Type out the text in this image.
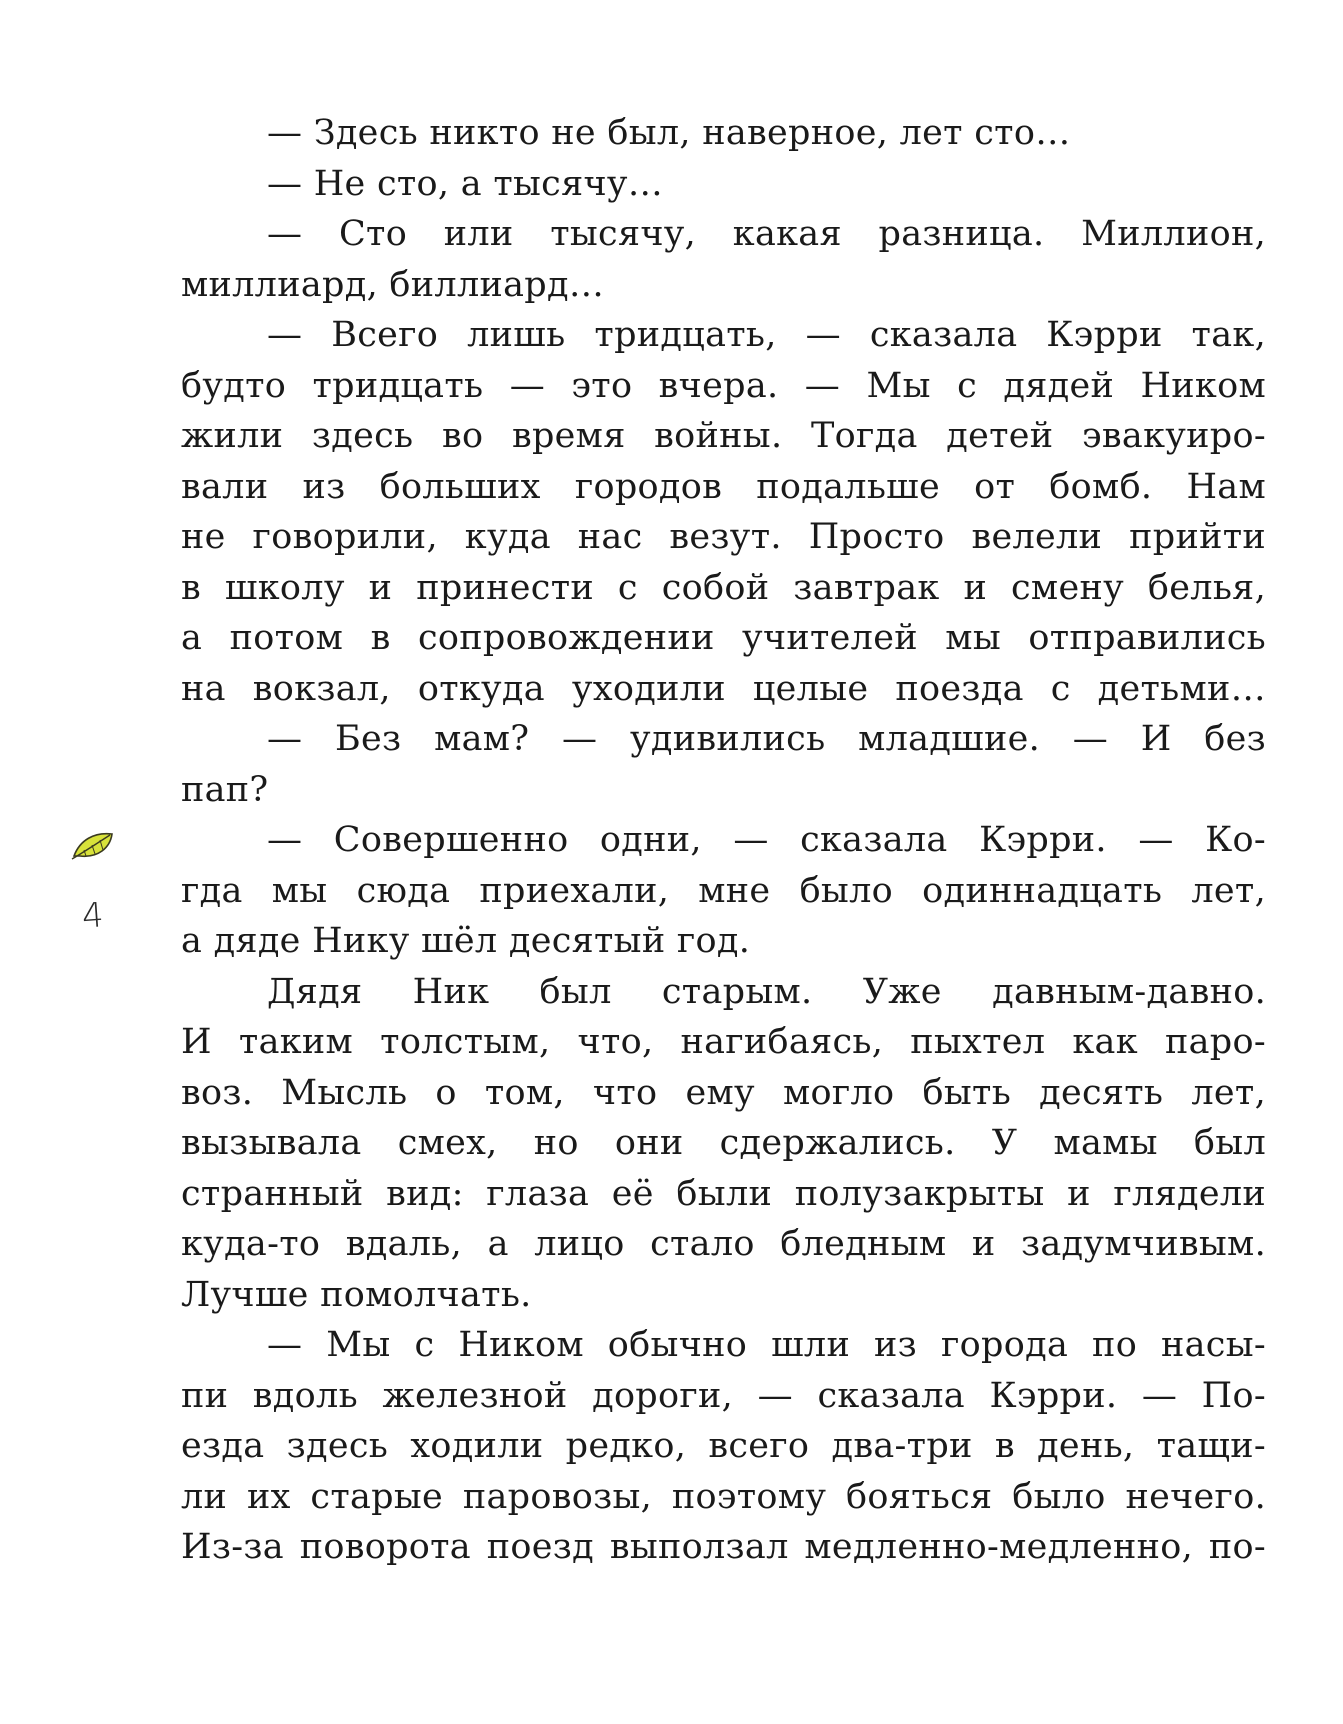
— Здесь никто не был, наверное, лет сто…
— Не сто, а тысячу…
— Сто или тысячу, какая разница. Миллион,
миллиард, биллиард…
— Всего лишь тридцать, — сказала Кэрри так,
будто тридцать — это вчера. — Мы с дядей Ником
жили здесь во время войны. Тогда детей эвакуиро-
вали из больших городов подальше от бомб. Нам
не говорили, куда нас везут. Просто велели прийти
в школу и принести с собой завтрак и смену белья,
а потом в сопровождении учителей мы отправились
на вокзал, откуда уходили целые поезда с детьми…
— Без мам? — удивились младшие. — И без
пап?
— Совершенно одни, — сказала Кэрри. — Ко-
гда мы сюда приехали, мне было одиннадцать лет,
а дяде Нику шёл десятый год.
Дядя Ник был старым. Уже давным-давно.
И таким толстым, что, нагибаясь, пыхтел как паро-
воз. Мысль о том, что ему могло быть десять лет,
вызывала смех, но они сдержались. У мамы был
странный вид: глаза её были полузакрыты и глядели
куда-то вдаль, а лицо стало бледным и задумчивым.
Лучше помолчать.
— Мы с Ником обычно шли из города по насы-
пи вдоль железной дороги, — сказала Кэрри. — По-
езда здесь ходили редко, всего два-три в день, тащи-
ли их старые паровозы, поэтому бояться было нечего.
Из-за поворота поезд выползал медленно-медленно, по-
4
